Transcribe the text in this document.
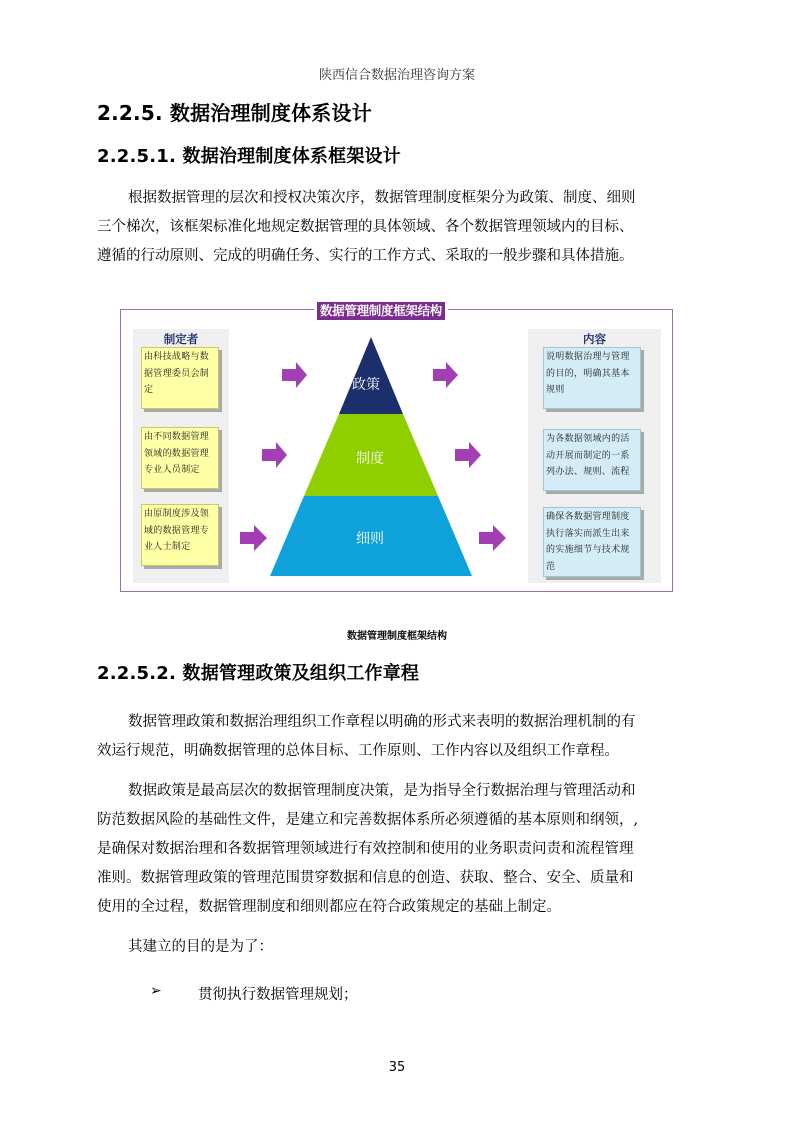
陕西信合数据治理咨询方案
2.2.5. 数据治理制度体系设计
2.2.5.1. 数据治理制度体系框架设计
根据数据管理的层次和授权决策次序，数据管理制度框架分为政策、制度、细则
三个梯次，该框架标准化地规定数据管理的具体领域、各个数据管理领域内的目标、
遵循的行动原则、完成的明确任务、实行的工作方式、采取的一般步骤和具体措施。
数据管理制度框架结构
制定者
由科技战略与数据管理委员会制定
由不同数据管理领域的数据管理专业人员制定
由原制度涉及领域的数据管理专业人士制定
内容
说明数据治理与管理的目的，明确其基本规则
为各数据领域内的活动开展而制定的一系列办法、规则、流程
确保各数据管理制度执行落实而派生出来的实施细节与技术规范
政策
制度
细则
数据管理制度框架结构
2.2.5.2. 数据管理政策及组织工作章程
数据管理政策和数据治理组织工作章程以明确的形式来表明的数据治理机制的有
效运行规范，明确数据管理的总体目标、工作原则、工作内容以及组织工作章程。
数据政策是最高层次的数据管理制度决策，是为指导全行数据治理与管理活动和
防范数据风险的基础性文件，是建立和完善数据体系所必须遵循的基本原则和纲领，,
是确保对数据治理和各数据管理领域进行有效控制和使用的业务职责问责和流程管理
准则。数据管理政策的管理范围贯穿数据和信息的创造、获取、整合、安全、质量和
使用的全过程，数据管理制度和细则都应在符合政策规定的基础上制定。
其建立的目的是为了：
➢	贯彻执行数据管理规划；
35
